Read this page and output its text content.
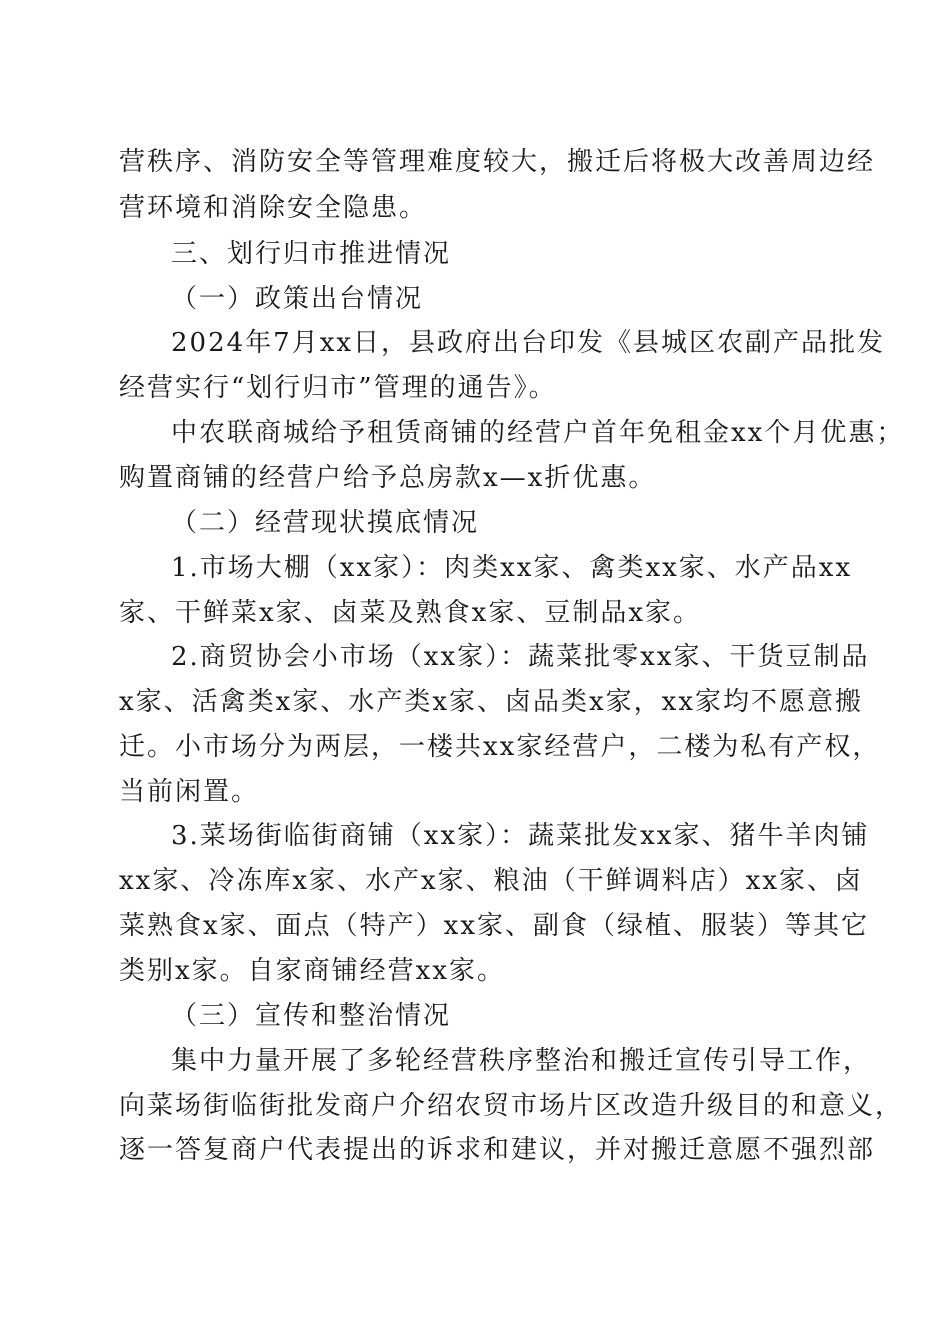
营秩序、消防安全等管理难度较大，搬迁后将极大改善周边经
营环境和消除安全隐患。
三、划行归市推进情况
（一）政策出台情况
2024年7月xx日，县政府出台印发《县城区农副产品批发
经营实行“划行归市”管理的通告》。
中农联商城给予租赁商铺的经营户首年免租金xx个月优惠；
购置商铺的经营户给予总房款x—x折优惠。
（二）经营现状摸底情况
1.市场大棚（xx家）：肉类xx家、禽类xx家、水产品xx
家、干鲜菜x家、卤菜及熟食x家、豆制品x家。
2.商贸协会小市场（xx家）：蔬菜批零xx家、干货豆制品
x家、活禽类x家、水产类x家、卤品类x家，xx家均不愿意搬
迁。小市场分为两层，一楼共xx家经营户，二楼为私有产权，
当前闲置。
3.菜场街临街商铺（xx家）：蔬菜批发xx家、猪牛羊肉铺
xx家、冷冻库x家、水产x家、粮油（干鲜调料店）xx家、卤
菜熟食x家、面点（特产）xx家、副食（绿植、服装）等其它
类别x家。自家商铺经营xx家。
（三）宣传和整治情况
集中力量开展了多轮经营秩序整治和搬迁宣传引导工作，
向菜场街临街批发商户介绍农贸市场片区改造升级目的和意义，
逐一答复商户代表提出的诉求和建议，并对搬迁意愿不强烈部
